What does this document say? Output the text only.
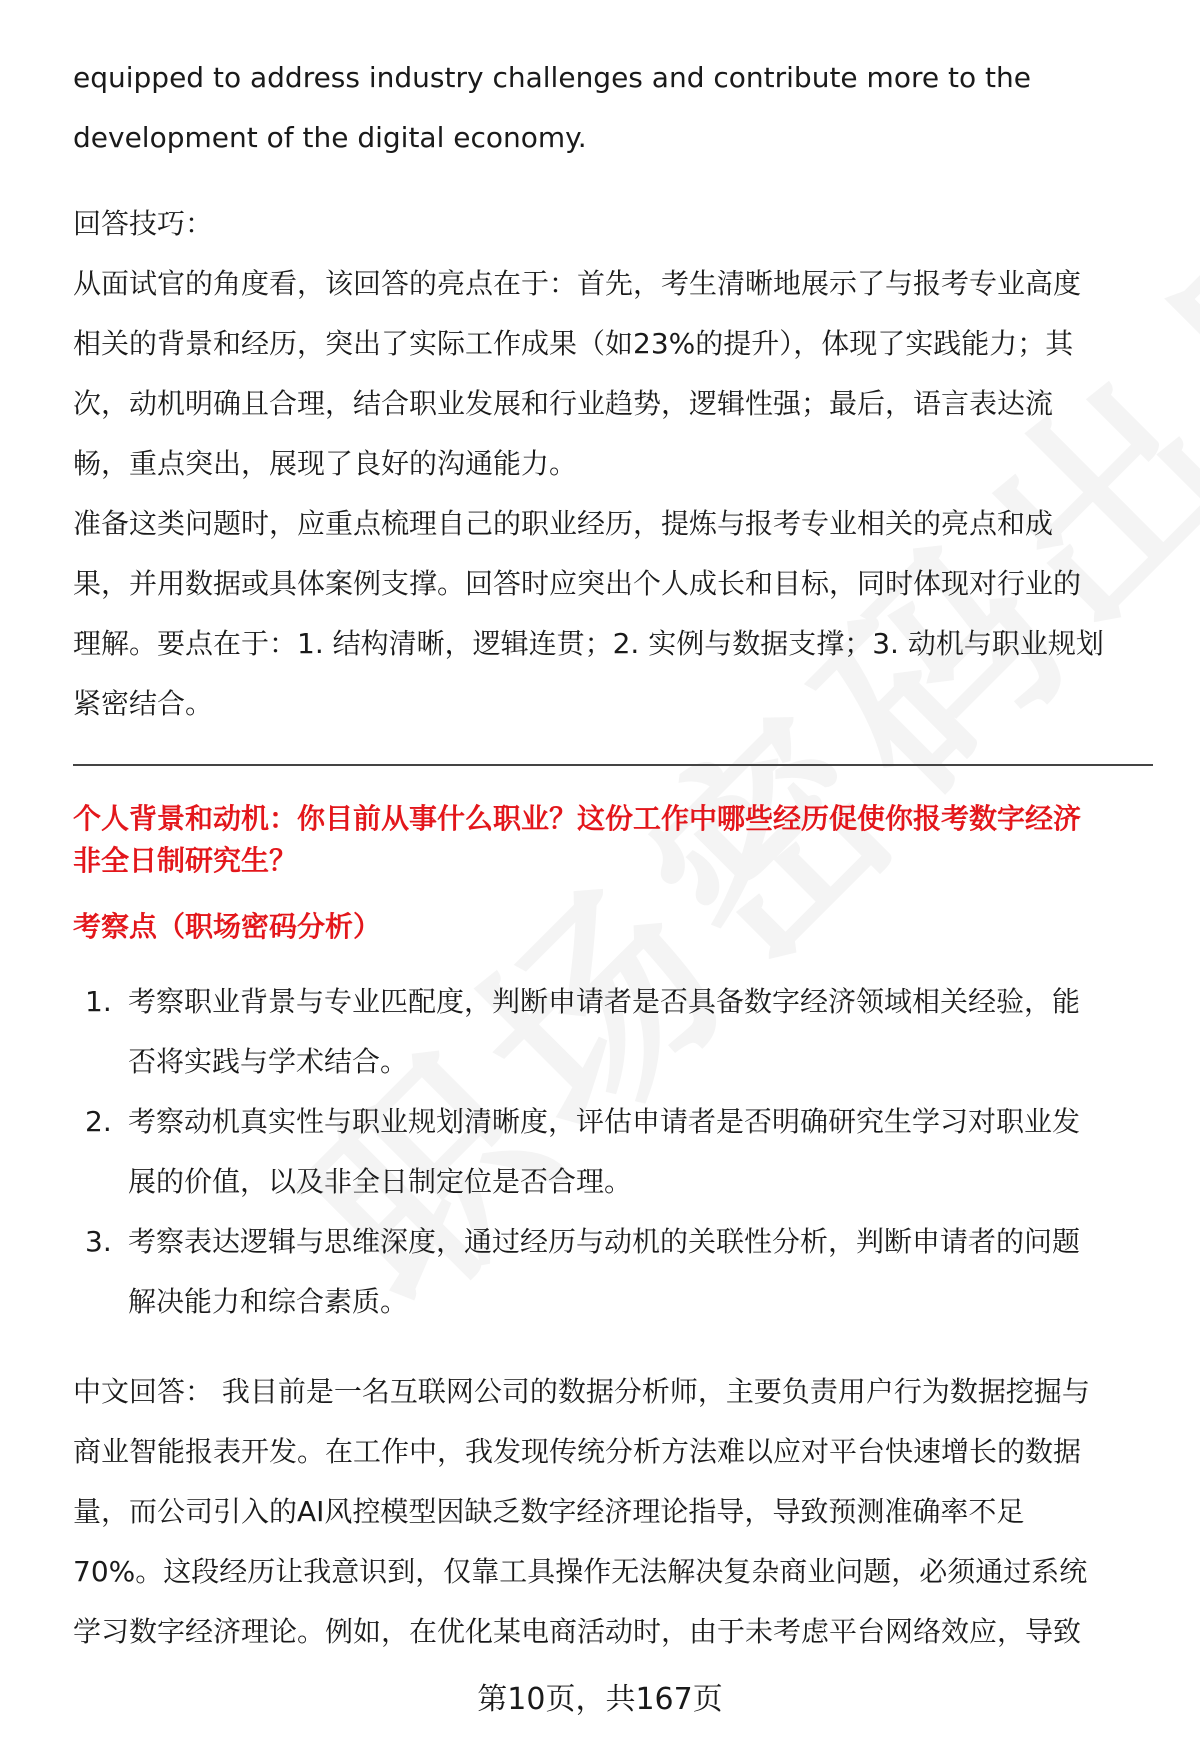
equipped to address industry challenges and contribute more to the

development of the digital economy.

回答技巧：

从面试官的角度看，该回答的亮点在于：首先，考生清晰地展示了与报考专业高度

相关的背景和经历，突出了实际工作成果（如23%的提升），体现了实践能力；其

次，动机明确且合理，结合职业发展和行业趋势，逻辑性强；最后，语言表达流

畅，重点突出，展现了良好的沟通能力。

准备这类问题时，应重点梳理自己的职业经历，提炼与报考专业相关的亮点和成

果，并用数据或具体案例支撑。回答时应突出个人成长和目标，同时体现对行业的

理解。要点在于：1. 结构清晰，逻辑连贯；2. 实例与数据支撑；3. 动机与职业规划

紧密结合。

个人背景和动机：你目前从事什么职业？这份工作中哪些经历促使你报考数字经济

非全日制研究生？

考察点（职场密码分析）

1. 考察职业背景与专业匹配度，判断申请者是否具备数字经济领域相关经验，能
否将实践与学术结合。
2. 考察动机真实性与职业规划清晰度，评估申请者是否明确研究生学习对职业发
展的价值，以及非全日制定位是否合理。
3. 考察表达逻辑与思维深度，通过经历与动机的关联性分析，判断申请者的问题
解决能力和综合素质。

中文回答： 我目前是一名互联网公司的数据分析师，主要负责用户行为数据挖掘与

商业智能报表开发。在工作中，我发现传统分析方法难以应对平台快速增长的数据

量，而公司引入的AI风控模型因缺乏数字经济理论指导，导致预测准确率不足

70%。这段经历让我意识到，仅靠工具操作无法解决复杂商业问题，必须通过系统

学习数字经济理论。例如，在优化某电商活动时，由于未考虑平台网络效应，导致

第10页，共167页
